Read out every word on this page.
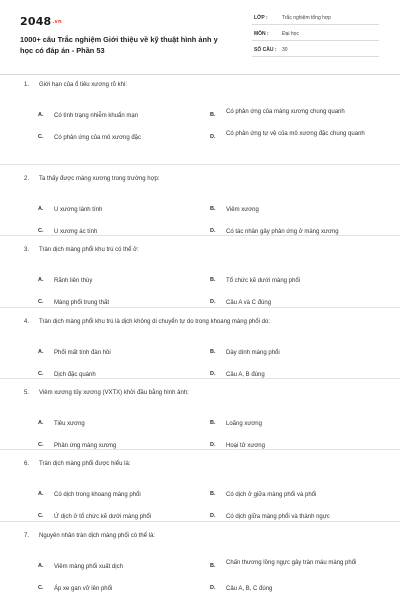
2048.vn
1000+ câu Trắc nghiệm Giới thiệu về kỹ thuật hình ảnh y học có đáp án - Phần 53
LỚP :	Trắc nghiệm tổng hợp
MÔN :	Đại học
SỐ CÂU : 30
1. Giới hạn của ổ tiêu xương rõ khi:
A. Có tình trạng nhiễm khuẩn mạn	B. Có phản ứng của màng xương chung quanh
C. Có phản ứng của mô xương đặc	D. Có phản ứng tự vệ của mô xương đặc chung quanh
2. Ta thấy được màng xương trong trường hợp:
A. U xương lành tính	B. Viêm xương
C. U xương ác tính	D. Có tác nhân gây phản ứng ở màng xương
3. Tràn dịch màng phổi khu trú có thể ở:
A. Rãnh liên thùy	B. Tổ chức kẽ dưới màng phổi
C. Màng phổi trung thất	D. Câu A và C đúng
4. Tràn dịch màng phổi khu trú là dịch không di chuyển tự do trong khoang màng phổi do:
A. Phổi mất tính đàn hồi	B. Dày dính màng phổi
C. Dịch đặc quánh	D. Câu A, B đúng
5. Viêm xương tủy xương (VXTX) khởi đầu bằng hình ảnh:
A. Tiêu xương	B. Loãng xương
C. Phản ứng màng xương	D. Hoại tử xương
6. Tràn dịch màng phổi được hiểu là:
A. Có dịch trong khoang màng phổi	B. Có dịch ở giữa màng phổi và phổi
C. Ứ dịch ở tổ chức kẽ dưới màng phổi	D. Có dịch giữa màng phổi và thành ngực
7. Nguyên nhân tràn dịch màng phổi có thể là:
A. Viêm màng phổi xuất dịch	B. Chấn thương lồng ngực gây tràn máu màng phổi
C. Áp xe gan vỡ lên phổi	D. Câu A, B, C đúng
